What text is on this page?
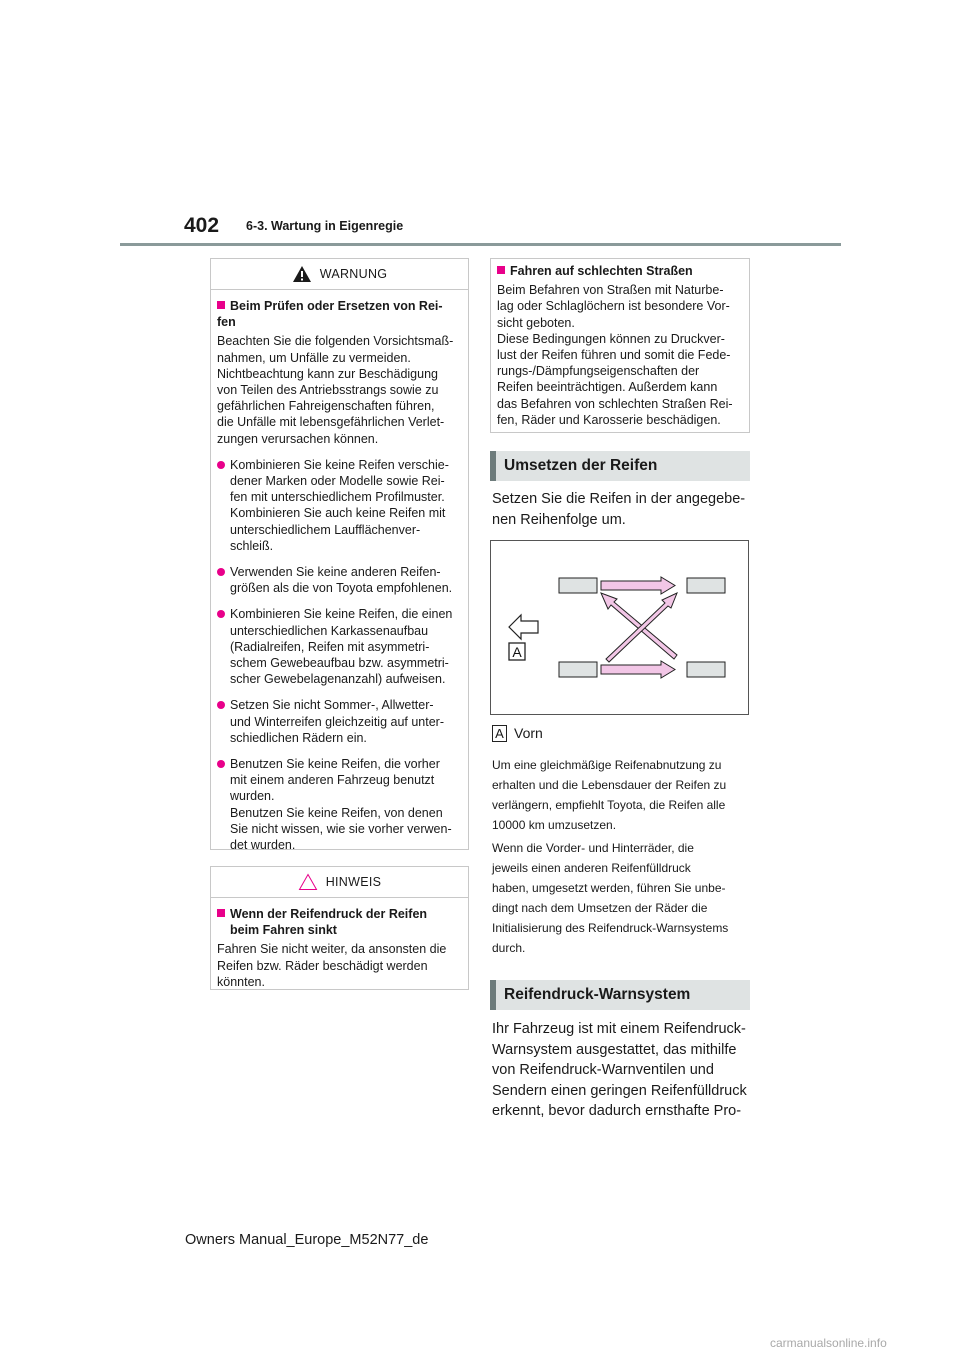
402 6-3. Wartung in Eigenregie
WARNUNG
Beim Prüfen oder Ersetzen von Rei-
fen

Beachten Sie die folgenden Vorsichtsmaß-
nahmen, um Unfälle zu vermeiden.
Nichtbeachtung kann zur Beschädigung
von Teilen des Antriebsstrangs sowie zu
gefährlichen Fahreigenschaften führen,
die Unfälle mit lebensgefährlichen Verlet-
zungen verursachen können.

Kombinieren Sie keine Reifen verschie-
dener Marken oder Modelle sowie Rei-
fen mit unterschiedlichem Profilmuster.
Kombinieren Sie auch keine Reifen mit
unterschiedlichem Laufflächenver-
schleiß.
Verwenden Sie keine anderen Reifen-
größen als die von Toyota empfohlenen.
Kombinieren Sie keine Reifen, die einen
unterschiedlichen Karkassenaufbau
(Radialreifen, Reifen mit asymmetri-
schem Gewebeaufbau bzw. asymmetri-
scher Gewebelagenanzahl) aufweisen.
Setzen Sie nicht Sommer-, Allwetter-
und Winterreifen gleichzeitig auf unter-
schiedlichen Rädern ein.
Benutzen Sie keine Reifen, die vorher
mit einem anderen Fahrzeug benutzt
wurden.
Benutzen Sie keine Reifen, von denen
Sie nicht wissen, wie sie vorher verwen-
det wurden.
HINWEIS
Wenn der Reifendruck der Reifen
beim Fahren sinkt

Fahren Sie nicht weiter, da ansonsten die
Reifen bzw. Räder beschädigt werden
könnten.

Fahren auf schlechten Straßen

Beim Befahren von Straßen mit Naturbe-
lag oder Schlaglöchern ist besondere Vor-
sicht geboten.
Diese Bedingungen können zu Druckver-
lust der Reifen führen und somit die Fede-
rungs-/Dämpfungseigenschaften der
Reifen beeinträchtigen. Außerdem kann
das Befahren von schlechten Straßen Rei-
fen, Räder und Karosserie beschädigen.

Umsetzen der Reifen
Setzen Sie die Reifen in der angegebe-
nen Reihenfolge um.
A
A Vorn
Um eine gleichmäßige Reifenabnutzung zu
erhalten und die Lebensdauer der Reifen zu
verlängern, empfiehlt Toyota, die Reifen alle
10000 km umzusetzen.
Wenn die Vorder- und Hinterräder, die
jeweils einen anderen Reifenfülldruck
haben, umgesetzt werden, führen Sie unbe-
dingt nach dem Umsetzen der Räder die
Initialisierung des Reifendruck-Warnsystems
durch.
Reifendruck-Warnsystem
Ihr Fahrzeug ist mit einem Reifendruck-
Warnsystem ausgestattet, das mithilfe
von Reifendruck-Warnventilen und
Sendern einen geringen Reifenfülldruck
erkennt, bevor dadurch ernsthafte Pro-
Owners Manual_Europe_M52N77_de
carmanualsonline.info
